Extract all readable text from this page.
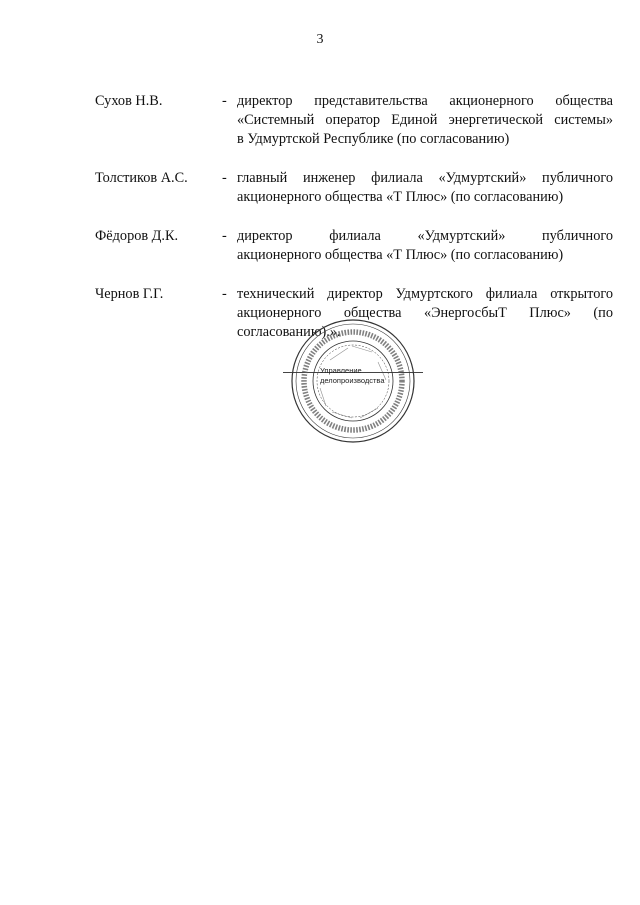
3
Сухов Н.В.	- директор представительства акционерного общества
«Системный оператор Единой энергетической системы»
в Удмуртской Республике (по согласованию)
Толстиков А.С.	- главный инженер филиала «Удмуртский» публичного
акционерного общества «Т Плюс» (по согласованию)
Фёдоров Д.К.	- директор филиала «Удмуртский» публичного
акционерного общества «Т Плюс» (по согласованию)
Чернов Г.Г.	- технический директор Удмуртского филиала открытого
акционерного общества «ЭнергосбыТ Плюс» (по
согласованию).».
Управление
делопроизводства
